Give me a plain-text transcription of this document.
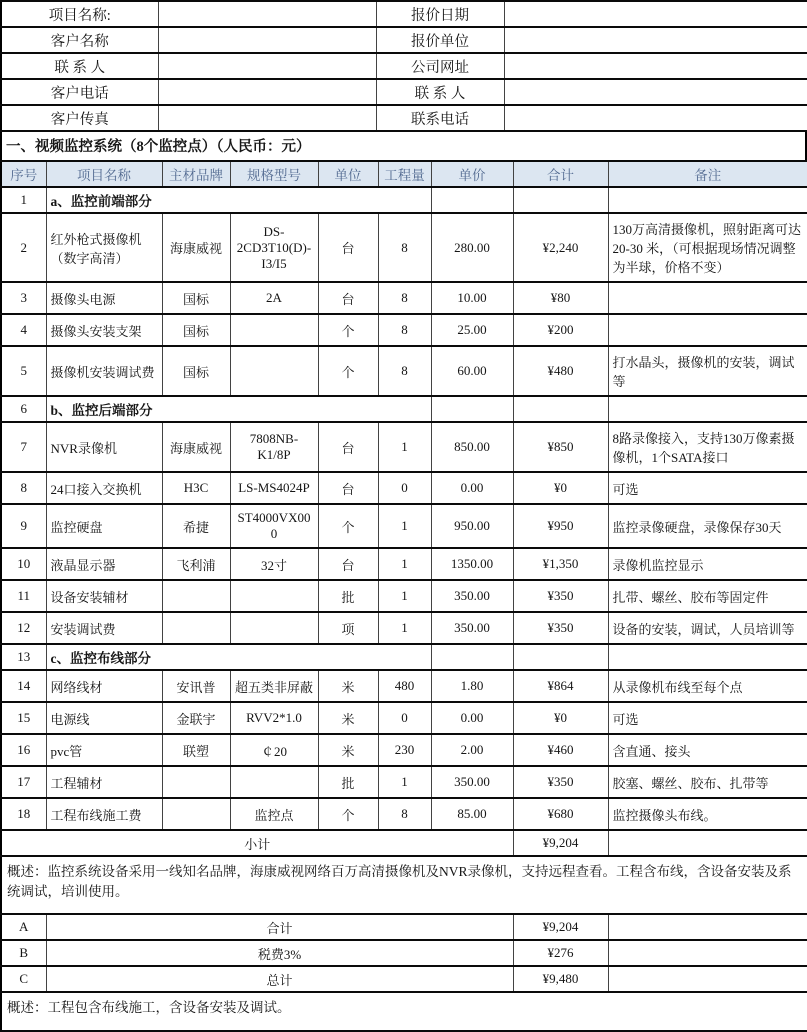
项目名称:		报价日期	
客户名称		报价单位	
联 系 人		公司网址	
客户电话		联 系 人	
客户传真		联系电话	
一、视频监控系统（8个监控点）（人民币：元）
序号	项目名称	主材品牌	规格型号	单位	工程量	单价	合计	备注
1	a、监控前端部分							
2	红外枪式摄像机（数字高清）	海康威视	DS-2CD3T10(D)-I3/I5	台	8	280.00	¥2,240	130万高清摄像机，照射距离可达20-30 米，（可根据现场情况调整为半球，价格不变）
3	摄像头电源	国标	2A	台	8	10.00	¥80	
4	摄像头安装支架	国标		个	8	25.00	¥200	
5	摄像机安装调试费	国标		个	8	60.00	¥480	打水晶头，摄像机的安装，调试等
6	b、监控后端部分							
7	NVR录像机	海康威视	7808NB-K1/8P	台	1	850.00	¥850	8路录像接入，支持130万像素摄像机，1个SATA接口
8	24口接入交换机	H3C	LS-MS4024P	台	0	0.00	¥0	可选
9	监控硬盘	希捷	ST4000VX000	个	1	950.00	¥950	监控录像硬盘，录像保存30天
10	液晶显示器	飞利浦	32寸	台	1	1350.00	¥1,350	录像机监控显示
11	设备安装辅材			批	1	350.00	¥350	扎带、螺丝、胶布等固定件
12	安装调试费			项	1	350.00	¥350	设备的安装，调试，人员培训等
13	c、监控布线部分							
14	网络线材	安讯普	超五类非屏蔽	米	480	1.80	¥864	从录像机布线至每个点
15	电源线	金联宇	RVV2*1.0	米	0	0.00	¥0	可选
16	pvc管	联塑	￠20	米	230	2.00	¥460	含直通、接头
17	工程辅材			批	1	350.00	¥350	胶塞、螺丝、胶布、扎带等
18	工程布线施工费		监控点	个	8	85.00	¥680	监控摄像头布线。
小计							¥9,204	
概述：监控系统设备采用一线知名品牌，海康威视网络百万高清摄像机及NVR录像机，支持远程查看。工程含布线，含设备安装及系统调试，培训使用。								
A	合计						¥9,204	
B	税费3%						¥276	
C	总计						¥9,480	
概述：工程包含布线施工，含设备安装及调试。								
